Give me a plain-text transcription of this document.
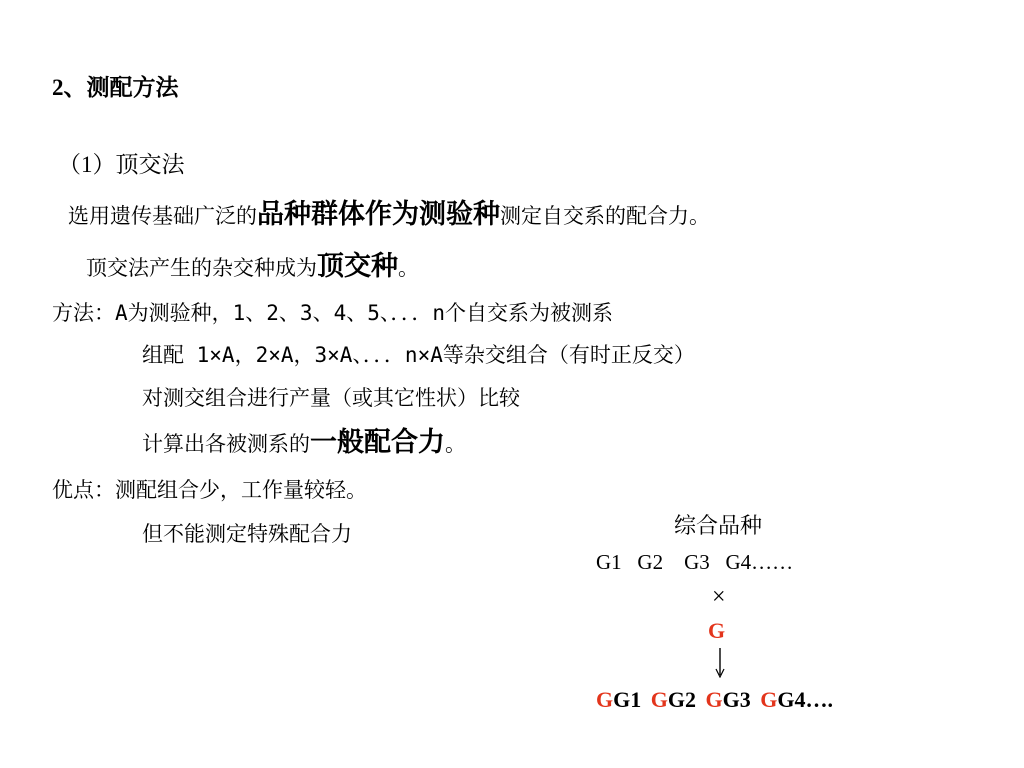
2、测配方法
（1）顶交法
选用遗传基础广泛的品种群体作为测验种测定自交系的配合力。
顶交法产生的杂交种成为顶交种。
方法：A为测验种，1、2、3、4、5、．．．n个自交系为被测系
组配 1×A，2×A，3×A、．．．n×A等杂交组合（有时正反交）
对测交组合进行产量（或其它性状）比较
计算出各被测系的一般配合力。
优点：测配组合少，工作量较轻。
但不能测定特殊配合力	综合品种
G1   G2    G3   G4……
×
G
GG1 GG2 GG3 GG4….
